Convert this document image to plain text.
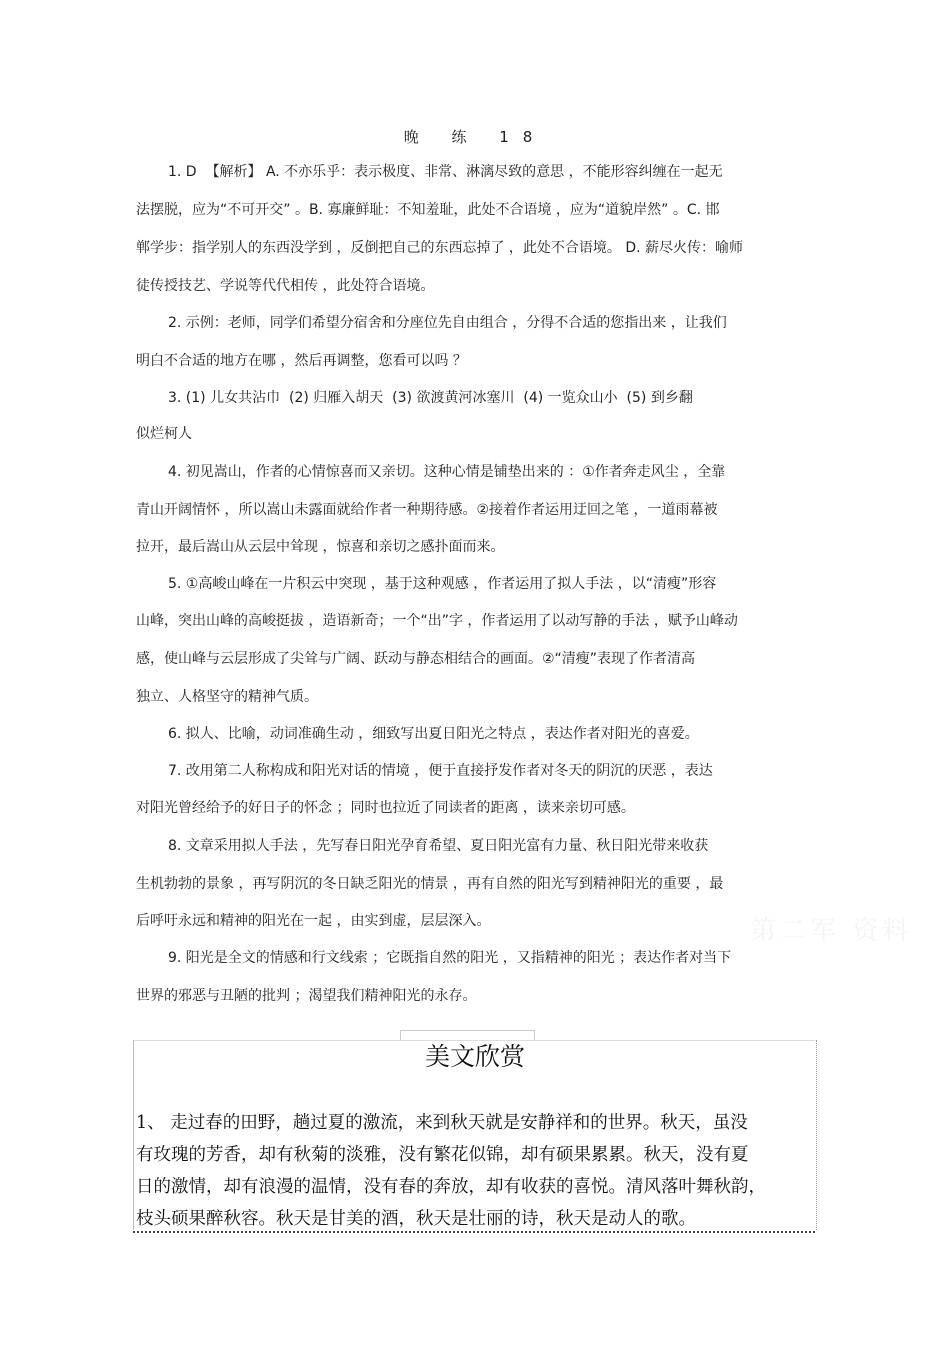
晚 练 18
1. D  【解析】 A. 不亦乐乎：表示极度、非常、淋漓尽致的意思 ，不能形容纠缠在一起无
法摆脱，应为“不可开交” 。B. 寡廉鲜耻：不知羞耻，此处不合语境 ，应为“道貌岸然” 。C. 邯
郸学步：指学别人的东西没学到 ，反倒把自己的东西忘掉了 ，此处不合语境。 D. 薪尽火传：喻师
徒传授技艺、学说等代代相传 ，此处符合语境。
2. 示例：老师，同学们希望分宿舍和分座位先自由组合 ，分得不合适的您指出来 ，让我们
明白不合适的地方在哪 ，然后再调整，您看可以吗 ？
3. (1) 儿女共沾巾  (2) 归雁入胡天  (3) 欲渡黄河冰塞川  (4) 一览众山小  (5) 到乡翻
似烂柯人
4. 初见嵩山，作者的心情惊喜而又亲切。这种心情是铺垫出来的 ：①作者奔走风尘 ，全靠
青山开阔情怀 ，所以嵩山未露面就给作者一种期待感。②接着作者运用迂回之笔 ，一道雨幕被
拉开，最后嵩山从云层中耸现 ，惊喜和亲切之感扑面而来。
5. ①高峻山峰在一片积云中突现 ，基于这种观感 ，作者运用了拟人手法 ，以“清瘦”形容
山峰，突出山峰的高峻挺拔 ，造语新奇；一个“出”字 ，作者运用了以动写静的手法 ，赋予山峰动
感，使山峰与云层形成了尖耸与广阔、跃动与静态相结合的画面。②“清瘦”表现了作者清高
独立、人格坚守的精神气质。
6. 拟人、比喻，动词准确生动 ，细致写出夏日阳光之特点 ，表达作者对阳光的喜爱。
7. 改用第二人称构成和阳光对话的情境 ，便于直接抒发作者对冬天的阴沉的厌恶 ，表达
对阳光曾经给予的好日子的怀念 ；同时也拉近了同读者的距离 ，读来亲切可感。
8. 文章采用拟人手法 ，先写春日阳光孕育希望、夏日阳光富有力量、秋日阳光带来收获
生机勃勃的景象 ，再写阴沉的冬日缺乏阳光的情景 ，再有自然的阳光写到精神阳光的重要 ，最
后呼吁永远和精神的阳光在一起 ，由实到虚，层层深入。
9. 阳光是全文的情感和行文线索 ；它既指自然的阳光 ，又指精神的阳光 ；表达作者对当下
世界的邪恶与丑陋的批判 ；渴望我们精神阳光的永存。
第二军 资料
美文欣赏
1、 走过春的田野，趟过夏的激流，来到秋天就是安静祥和的世界。秋天，虽没
有玫瑰的芳香，却有秋菊的淡雅，没有繁花似锦，却有硕果累累。秋天，没有夏
日的激情，却有浪漫的温情，没有春的奔放，却有收获的喜悦。清风落叶舞秋韵，
枝头硕果醉秋容。秋天是甘美的酒，秋天是壮丽的诗，秋天是动人的歌。
